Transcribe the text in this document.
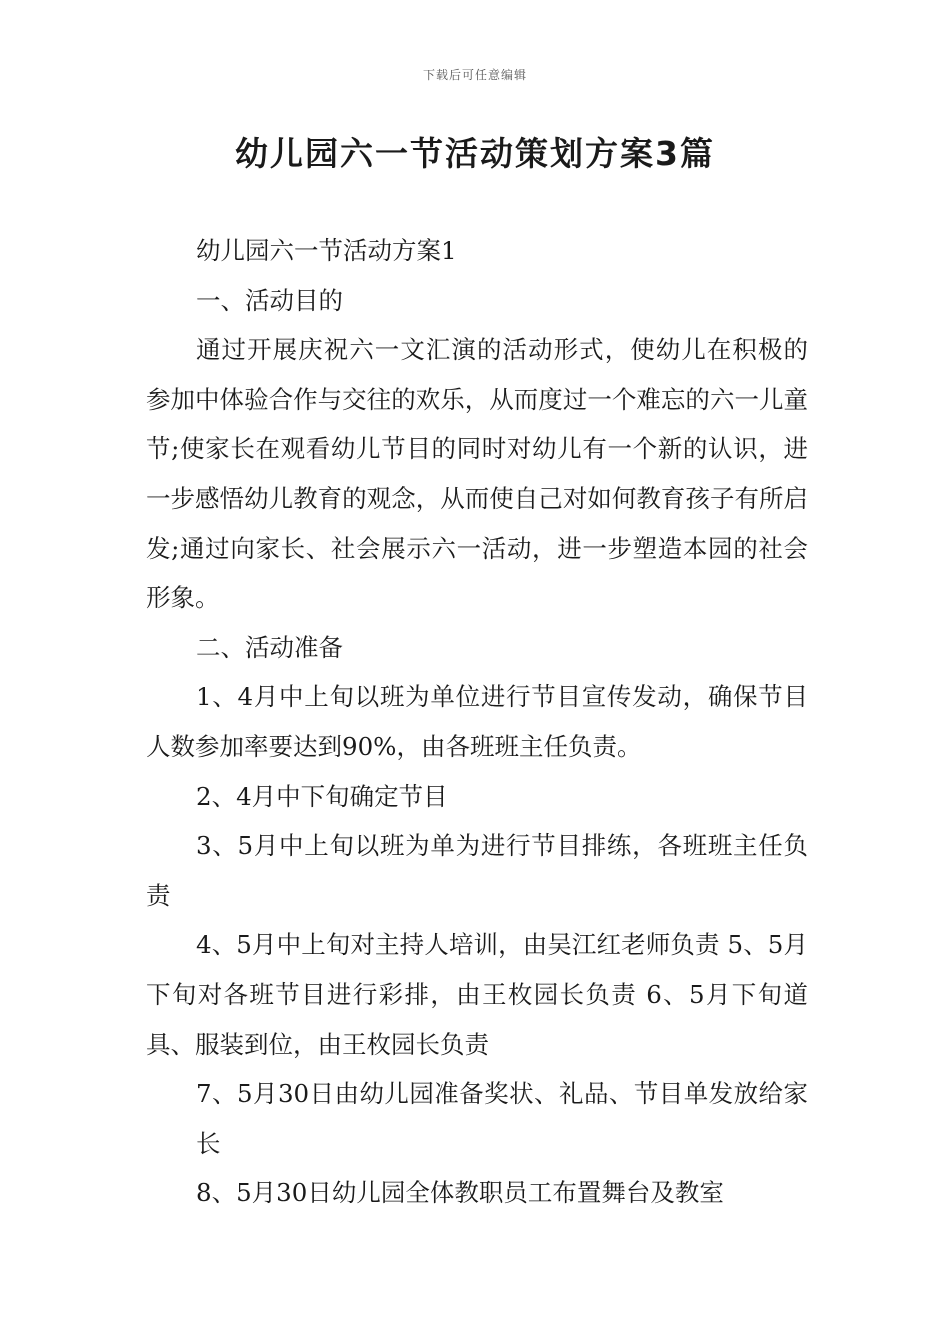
下载后可任意编辑
幼儿园六一节活动策划方案3篇

幼儿园六一节活动方案1

一、活动目的

通过开展庆祝六一文汇演的活动形式，使幼儿在积极的参加中体验合作与交往的欢乐，从而度过一个难忘的六一儿童节;使家长在观看幼儿节目的同时对幼儿有一个新的认识，进一步感悟幼儿教育的观念，从而使自己对如何教育孩子有所启发;通过向家长、社会展示六一活动，进一步塑造本园的社会形象。

二、活动准备

1、4月中上旬以班为单位进行节目宣传发动，确保节目人数参加率要达到90%，由各班班主任负责。

2、4月中下旬确定节目

3、5月中上旬以班为单为进行节目排练，各班班主任负责

4、5月中上旬对主持人培训，由吴江红老师负责 5、5月下旬对各班节目进行彩排，由王枚园长负责 6、5月下旬道具、服装到位，由王枚园长负责

7、5月30日由幼儿园准备奖状、礼品、节目单发放给家长

8、5月30日幼儿园全体教职员工布置舞台及教室
